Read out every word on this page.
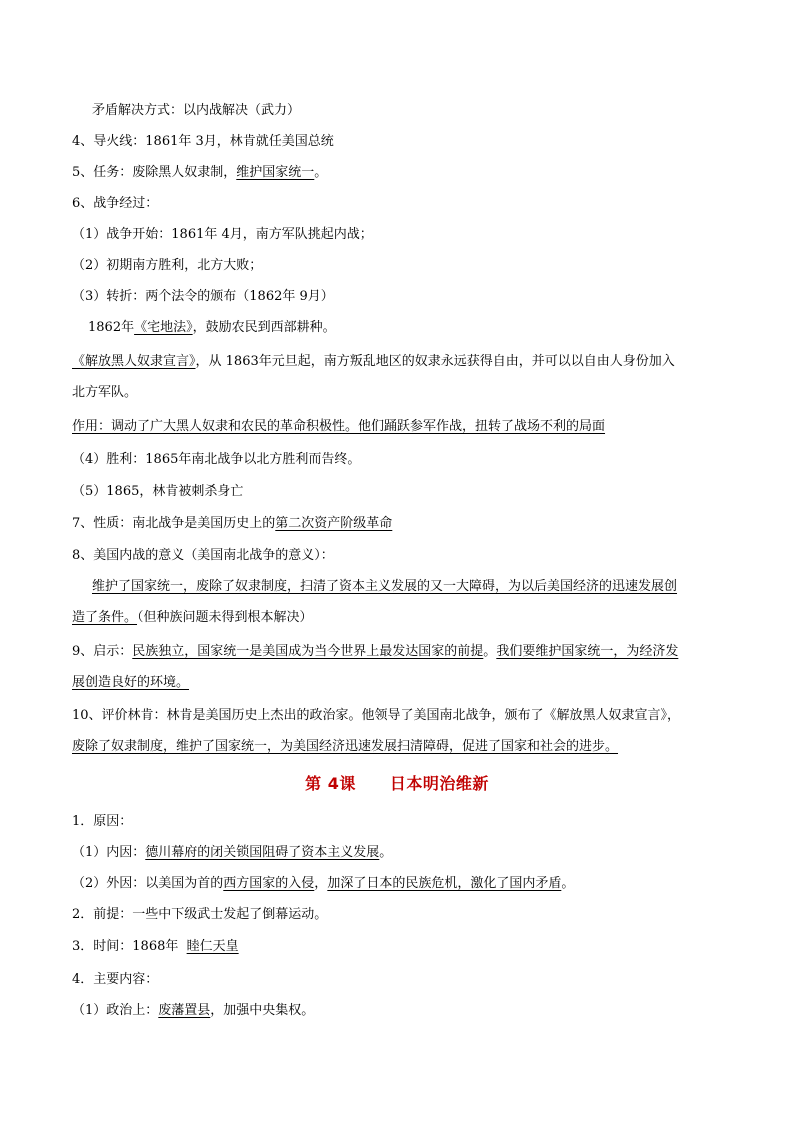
矛盾解决方式：以内战解决（武力）
4、导火线：1861年 3月，林肯就任美国总统
5、任务：废除黑人奴隶制，维护国家统一。
6、战争经过：
（1）战争开始：1861年 4月，南方军队挑起内战；
（2）初期南方胜利，北方大败；
（3）转折：两个法令的颁布（1862年 9月）
1862年《宅地法》，鼓励农民到西部耕种。
《解放黑人奴隶宣言》，从 1863年元旦起，南方叛乱地区的奴隶永远获得自由，并可以以自由人身份加入
北方军队。
作用：调动了广大黑人奴隶和农民的革命积极性。他们踊跃参军作战，扭转了战场不利的局面
（4）胜利：1865年南北战争以北方胜利而告终。
（5）1865，林肯被刺杀身亡
7、性质：南北战争是美国历史上的第二次资产阶级革命
8、美国内战的意义（美国南北战争的意义）：
维护了国家统一，废除了奴隶制度，扫清了资本主义发展的又一大障碍，为以后美国经济的迅速发展创
造了条件。（但种族问题未得到根本解决）
9、启示：民族独立，国家统一是美国成为当今世界上最发达国家的前提。我们要维护国家统一，为经济发
展创造良好的环境。
10、评价林肯：林肯是美国历史上杰出的政治家。他领导了美国南北战争，颁布了《解放黑人奴隶宣言》，
废除了奴隶制度，维护了国家统一，为美国经济迅速发展扫清障碍，促进了国家和社会的进步。
第 4课 日本明治维新
1．原因：
（1）内因：德川幕府的闭关锁国阻碍了资本主义发展。
（2）外因：以美国为首的西方国家的入侵，加深了日本的民族危机，激化了国内矛盾。
2．前提：一些中下级武士发起了倒幕运动。
3．时间：1868年  睦仁天皇
4．主要内容：
（1）政治上：废藩置县，加强中央集权。
